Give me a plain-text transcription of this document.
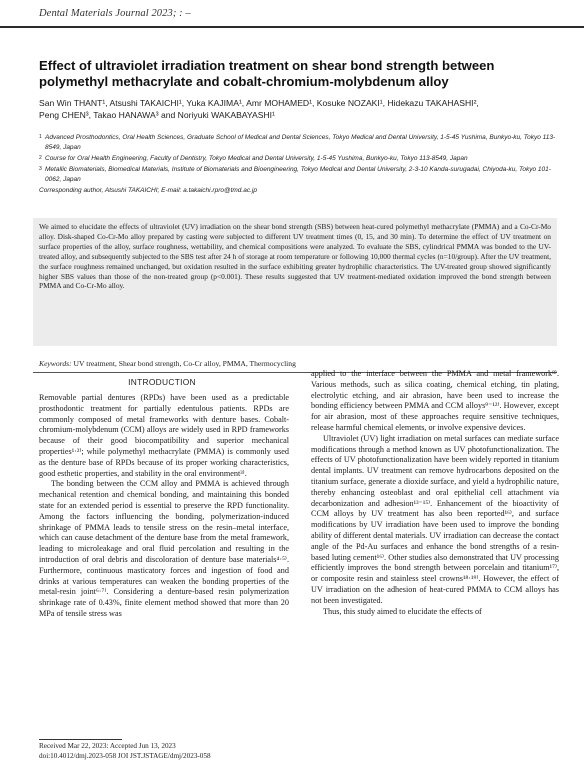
Dental Materials Journal 2023; : –
Effect of ultraviolet irradiation treatment on shear bond strength between polymethyl methacrylate and cobalt-chromium-molybdenum alloy
San Win THANT¹, Atsushi TAKAICHI¹, Yuka KAJIMA¹, Amr MOHAMED¹, Kosuke NOZAKI¹, Hidekazu TAKAHASHI²,
Peng CHEN³, Takao HANAWA³ and Noriyuki WAKABAYASHI¹
1 Advanced Prosthodontics, Oral Health Sciences, Graduate School of Medical and Dental Sciences, Tokyo Medical and Dental University, 1-5-45 Yushima, Bunkyo-ku, Tokyo 113-8549, Japan
2 Course for Oral Health Engineering, Faculty of Dentistry, Tokyo Medical and Dental University, 1-5-45 Yushima, Bunkyo-ku, Tokyo 113-8549, Japan
3 Metallic Biomaterials, Biomedical Materials, Institute of Biomaterials and Bioengineering, Tokyo Medical and Dental University, 2-3-10 Kanda-surugadai, Chiyoda-ku, Tokyo 101-0062, Japan
Corresponding author, Atsushi TAKAICHI; E-mail: a.takaichi.rpro@tmd.ac.jp
We aimed to elucidate the effects of ultraviolet (UV) irradiation on the shear bond strength (SBS) between heat-cured polymethyl methacrylate (PMMA) and a Co-Cr-Mo alloy. Disk-shaped Co-Cr-Mo alloy prepared by casting were subjected to different UV treatment times (0, 15, and 30 min). To determine the effect of UV treatment on surface properties of the alloy, surface roughness, wettability, and chemical compositions were analyzed. To evaluate the SBS, cylindrical PMMA was bonded to the UV-treated alloy, and subsequently subjected to the SBS test after 24 h of storage at room temperature or following 10,000 thermal cycles (n=10/group). After the UV treatment, the surface roughness remained unchanged, but oxidation resulted in the surface exhibiting greater hydrophilic characteristics. The UV-treated group showed significantly higher SBS values than those of the non-treated group (p<0.001). These results suggested that UV treatment-mediated oxidation improved the bond strength between PMMA and Co-Cr-Mo alloy.
Keywords: UV treatment, Shear bond strength, Co-Cr alloy, PMMA, Thermocycling
INTRODUCTION

Removable partial dentures (RPDs) have been used as a predictable prosthodontic treatment for partially edentulous patients. RPDs are commonly composed of metal frameworks with denture bases. Cobalt-chromium-molybdenum (CCM) alloys are widely used in RPD frameworks because of their good biocompatibility and superior mechanical properties¹·²⁾; while polymethyl methacrylate (PMMA) is commonly used as the denture base of RPDs because of its proper working characteristics, good esthetic properties, and stability in the oral environment³⁾.

The bonding between the CCM alloy and PMMA is achieved through mechanical retention and chemical bonding, and maintaining this bonded state for an extended period is essential to preserve the RPD functionality. Among the factors influencing the bonding, polymerization-induced shrinkage of PMMA leads to tensile stress on the resin–metal interface, which can cause detachment of the denture base from the metal framework, leading to microleakage and oral fluid percolation and resulting in the introduction of oral debris and discoloration of denture base materials⁴·⁵⁾. Furthermore, continuous masticatory forces and ingestion of food and drinks at various temperatures can weaken the bonding properties of the metal-resin joint⁶·⁷⁾. Considering a denture-based resin polymerization shrinkage rate of 0.43%, finite element method showed that more than 20 MPa of tensile stress was

applied to the interface between the PMMA and metal framework⁸⁾. Various methods, such as silica coating, chemical etching, tin plating, electrolytic etching, and air abrasion, have been used to increase the bonding efficiency between PMMA and CCM alloys⁹⁻¹²⁾. However, except for air abrasion, most of these approaches require sensitive techniques, release harmful chemical elements, or involve expensive devices.

Ultraviolet (UV) light irradiation on metal surfaces can mediate surface modifications through a method known as UV photofunctionalization. The effects of UV photofunctionalization have been widely reported in titanium dental implants. UV treatment can remove hydrocarbons deposited on the titanium surface, generate a dioxide surface, and yield a hydrophilic nature, thereby enhancing osteoblast and oral epithelial cell attachment via decarbonization and adhesion¹³⁻¹⁵⁾. Enhancement of the bioactivity of CCM alloys by UV treatment has also been reported¹⁶⁾, and surface modifications by UV irradiation have been used to improve the bonding ability of different dental materials. UV irradiation can decrease the contact angle of the Pd-Au surfaces and enhance the bond strengths of a resin-based luting cement¹⁶⁾. Other studies also demonstrated that UV processing efficiently improves the bond strength between porcelain and titanium¹⁷⁾, or composite resin and stainless steel crowns¹⁸·¹⁹⁾. However, the effect of UV irradiation on the adhesion of heat-cured PMMA to CCM alloys has not been investigated.

Thus, this study aimed to elucidate the effects of

Received Mar 22, 2023: Accepted Jun 13, 2023
doi:10.4012/dmj.2023-058 JOI JST.JSTAGE/dmj/2023-058
